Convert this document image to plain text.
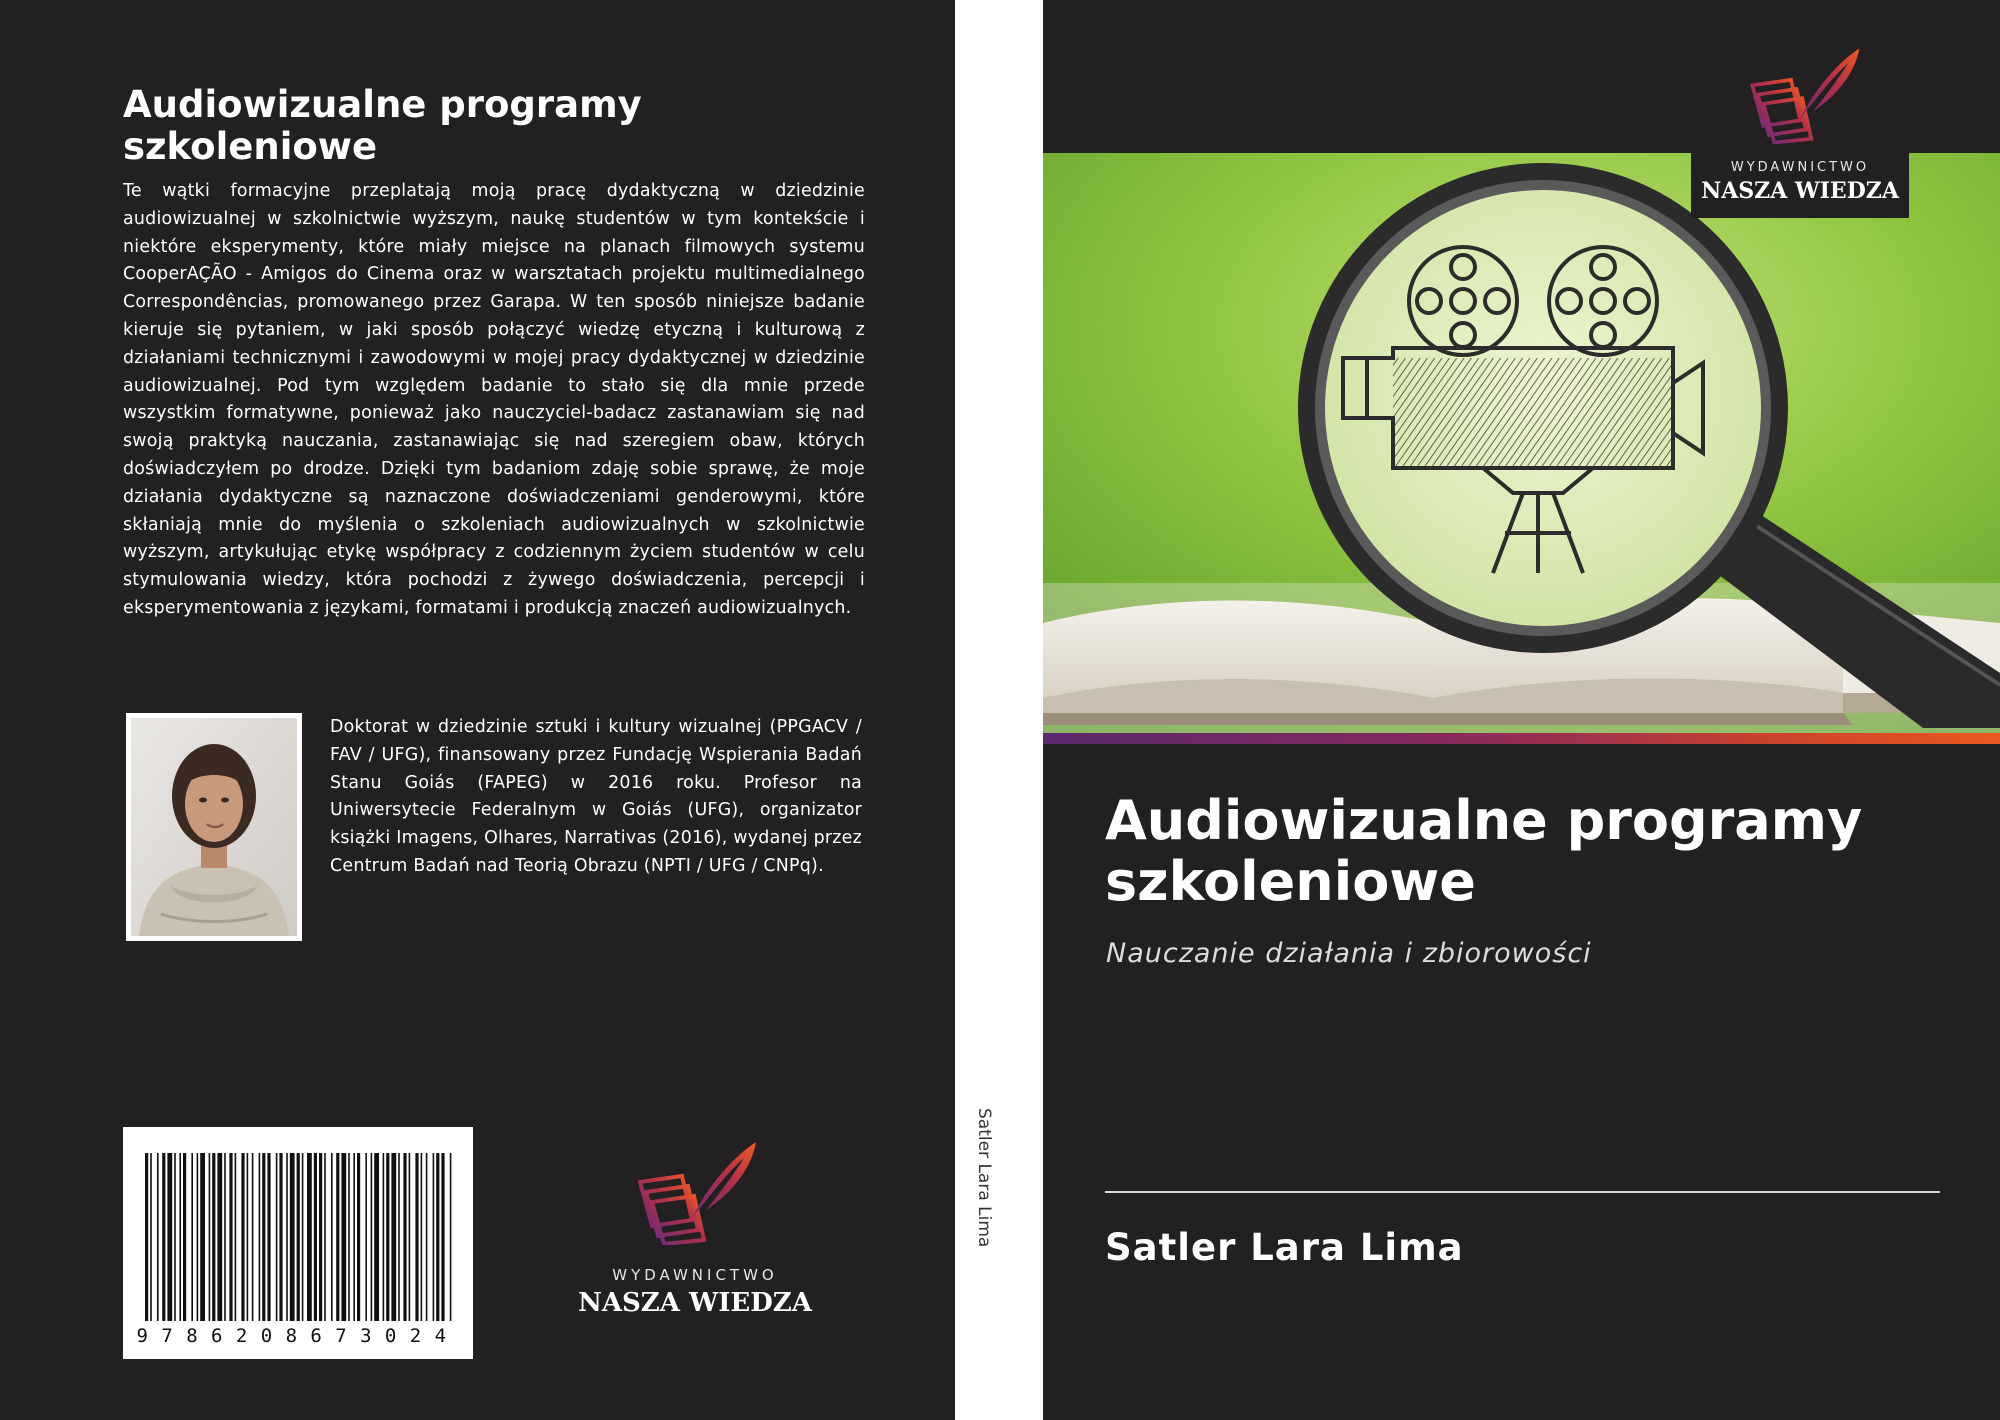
Audiowizualne programy szkoleniowe

Te wątki formacyjne przeplatają moją pracę dydaktyczną w dziedzinie audiowizualnej w szkolnictwie wyższym, naukę studentów w tym kontekście i niektóre eksperymenty, które miały miejsce na planach filmowych systemu CooperAÇÃO - Amigos do Cinema oraz w warsztatach projektu multimedialnego Correspondências, promowanego przez Garapa. W ten sposób niniejsze badanie kieruje się pytaniem, w jaki sposób połączyć wiedzę etyczną i kulturową z działaniami technicznymi i zawodowymi w mojej pracy dydaktycznej w dziedzinie audiowizualnej. Pod tym względem badanie to stało się dla mnie przede wszystkim formatywne, ponieważ jako nauczyciel-badacz zastanawiam się nad swoją praktyką nauczania, zastanawiając się nad szeregiem obaw, których doświadczyłem po drodze. Dzięki tym badaniom zdaję sobie sprawę, że moje działania dydaktyczne są naznaczone doświadczeniami genderowymi, które skłaniają mnie do myślenia o szkoleniach audiowizualnych w szkolnictwie wyższym, artykułując etykę współpracy z codziennym życiem studentów w celu stymulowania wiedzy, która pochodzi z żywego doświadczenia, percepcji i eksperymentowania z językami, formatami i produkcją znaczeń audiowizualnych.

Doktorat w dziedzinie sztuki i kultury wizualnej (PPGACV / FAV / UFG), finansowany przez Fundację Wspierania Badań Stanu Goiás (FAPEG) w 2016 roku. Profesor na Uniwersytecie Federalnym w Goiás (UFG), organizator książki Imagens, Olhares, Narrativas (2016), wydanej przez Centrum Badań nad Teorią Obrazu (NPTI / UFG / CNPq).

9786208673024
WYDAWNICTWO
NASZA WIEDZA
Satler Lara Lima
WYDAWNICTWO
NASZA WIEDZA
Audiowizualne programy szkoleniowe
Nauczanie działania i zbiorowości
Satler Lara Lima
